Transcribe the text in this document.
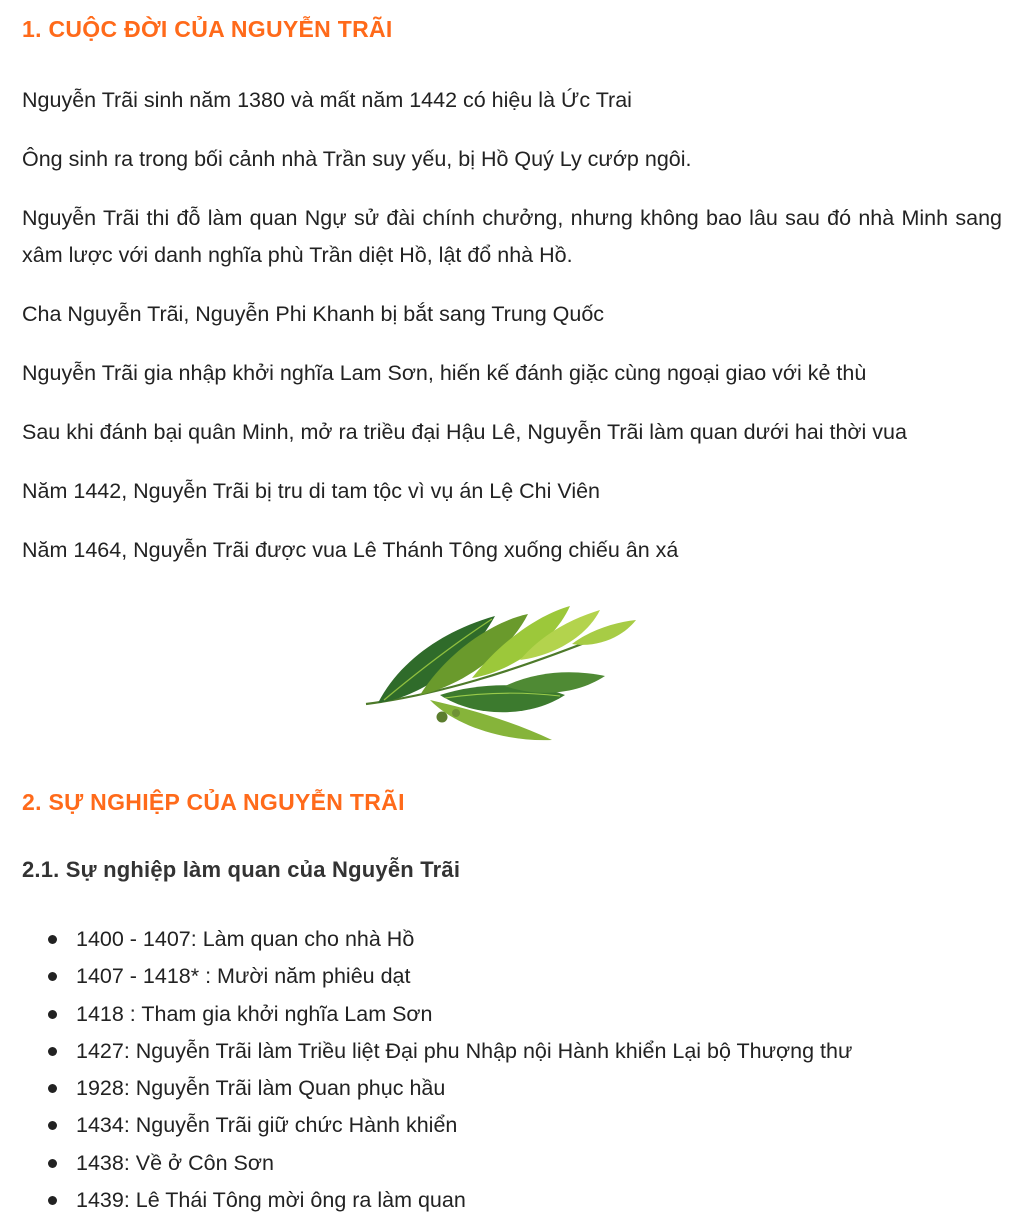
1. CUỘC ĐỜI CỦA NGUYỄN TRÃI

Nguyễn Trãi sinh năm 1380 và mất năm 1442 có hiệu là Ức Trai

Ông sinh ra trong bối cảnh nhà Trần suy yếu, bị Hồ Quý Ly cướp ngôi.

Nguyễn Trãi thi đỗ làm quan Ngự sử đài chính chưởng, nhưng không bao lâu sau đó nhà Minh sang xâm lược với danh nghĩa phù Trần diệt Hồ, lật đổ nhà Hồ.

Cha Nguyễn Trãi, Nguyễn Phi Khanh bị bắt sang Trung Quốc

Nguyễn Trãi gia nhập khởi nghĩa Lam Sơn, hiến kế đánh giặc cùng ngoại giao với kẻ thù

Sau khi đánh bại quân Minh, mở ra triều đại Hậu Lê, Nguyễn Trãi làm quan dưới hai thời vua

Năm 1442, Nguyễn Trãi bị tru di tam tộc vì vụ án Lệ Chi Viên

Năm 1464, Nguyễn Trãi được vua Lê Thánh Tông xuống chiếu ân xá

2. SỰ NGHIỆP CỦA NGUYỄN TRÃI
2.1. Sự nghiệp làm quan của Nguyễn Trãi
1400 - 1407: Làm quan cho nhà Hồ
1407 - 1418* : Mười năm phiêu dạt
1418 : Tham gia khởi nghĩa Lam Sơn
1427: Nguyễn Trãi làm Triều liệt Đại phu Nhập nội Hành khiển Lại bộ Thượng thư
1928: Nguyễn Trãi làm Quan phục hầu
1434: Nguyễn Trãi giữ chức Hành khiển
1438: Về ở Côn Sơn
1439: Lê Thái Tông mời ông ra làm quan
